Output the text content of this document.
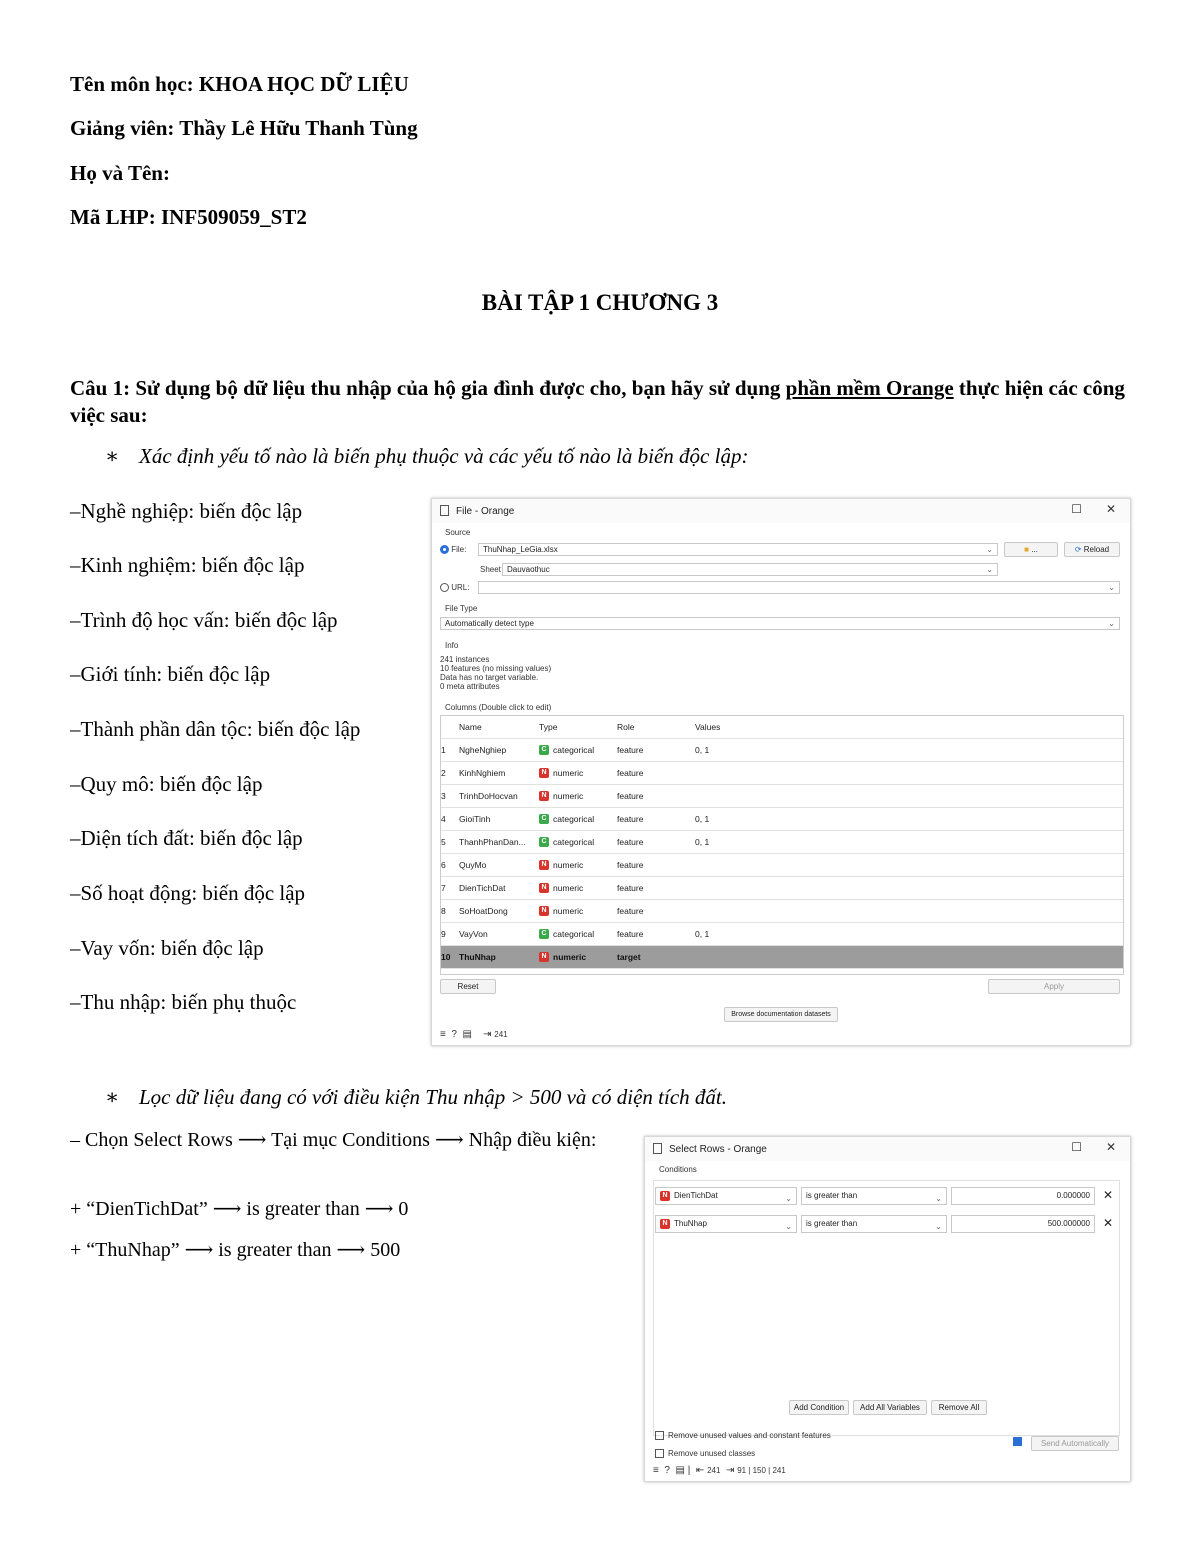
Tên môn học: KHOA HỌC DỮ LIỆU
Giảng viên: Thầy Lê Hữu Thanh Tùng
Họ và Tên:
Mã LHP: INF509059_ST2
BÀI TẬP 1 CHƯƠNG 3
Câu 1: Sử dụng bộ dữ liệu thu nhập của hộ gia đình được cho, bạn hãy sử dụng phần mềm Orange thực hiện các công việc sau:
∗ Xác định yếu tố nào là biến phụ thuộc và các yếu tố nào là biến độc lập:
–Nghề nghiệp: biến độc lập
–Kinh nghiệm: biến độc lập
–Trình độ học vấn: biến độc lập
–Giới tính: biến độc lập
–Thành phần dân tộc: biến độc lập
–Quy mô: biến độc lập
–Diện tích đất: biến độc lập
–Số hoạt động: biến độc lập
–Vay vốn: biến độc lập
–Thu nhập: biến phụ thuộc
File - Orange	☐ ✕
Source
File:	ThuNhap_LeGia.xlsx	⌄	■ ...	⟳ Reload
Sheet Dauvaothuc	⌄
URL:	⌄
File Type
Automatically detect type	⌄
Info
241 instances
10 features (no missing values)
Data has no target variable.
0 meta attributes
Columns (Double click to edit)
	Name	Type	Role	Values
1	NgheNghiep	C categorical	feature	0, 1
2	KinhNghiem	N numeric	feature	
3	TrinhDoHocvan	N numeric	feature	
4	GioiTinh	C categorical	feature	0, 1
5	ThanhPhanDan...	C categorical	feature	0, 1
6	QuyMo	N numeric	feature	
7	DienTichDat	N numeric	feature	
8	SoHoatDong	N numeric	feature	
9	VayVon	C categorical	feature	0, 1
10	ThuNhap	N numeric	target	
Reset	Apply
Browse documentation datasets
≡ ? ▤ ⇥ 241
∗ Lọc dữ liệu đang có với điều kiện Thu nhập > 500 và có diện tích đất.
– Chọn Select Rows ⟶ Tại mục Conditions ⟶ Nhập điều kiện:
+ “DienTichDat” ⟶ is greater than ⟶ 0
+ “ThuNhap” ⟶ is greater than ⟶ 500
Select Rows - Orange	☐ ✕
Conditions
N DienTichDat	⌄	is greater than	⌄	0.000000	✕
N ThuNhap	⌄	is greater than	⌄	500.000000	✕
Add Condition	Add All Variables	Remove All
Remove unused values and constant features
Remove unused classes
Send Automatically
≡ ? ▤ |  ⇤ 241 ⇥ 91 | 150 | 241
